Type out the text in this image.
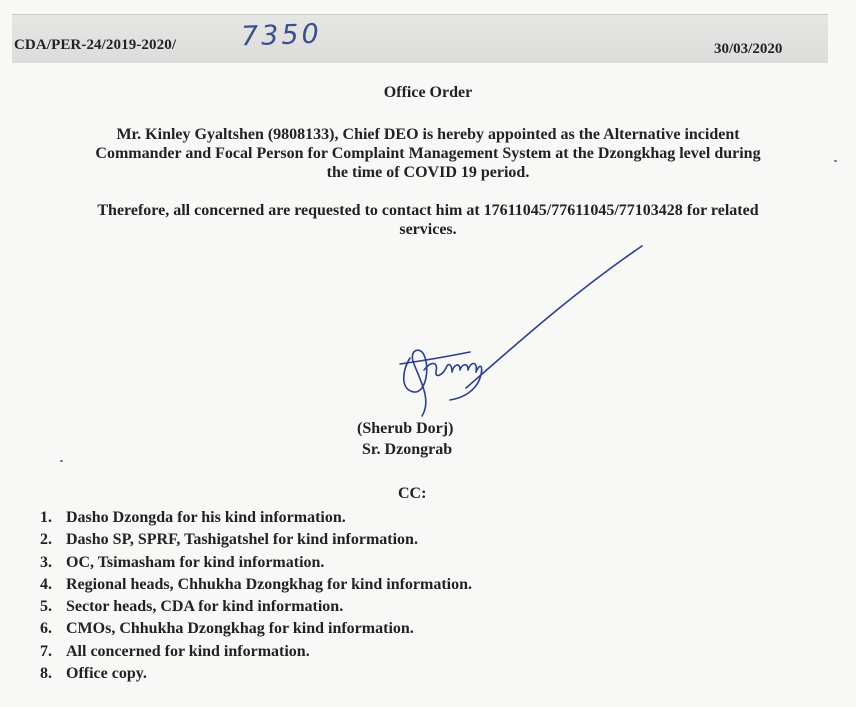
CDA/PER-24/2019-2020/ 7350	30/03/2020
Office Order
Mr. Kinley Gyaltshen (9808133), Chief DEO is hereby appointed as the Alternative incident
Commander and Focal Person for Complaint Management System at the Dzongkhag level during
the time of COVID 19 period.
Therefore, all concerned are requested to contact him at 17611045/77611045/77103428 for related
services.
(Sherub Dorj)
Sr. Dzongrab
CC:
1. Dasho Dzongda for his kind information.
2. Dasho SP, SPRF, Tashigatshel for kind information.
3. OC, Tsimasham for kind information.
4. Regional heads, Chhukha Dzongkhag for kind information.
5. Sector heads, CDA for kind information.
6. CMOs, Chhukha Dzongkhag for kind information.
7. All concerned for kind information.
8. Office copy.
